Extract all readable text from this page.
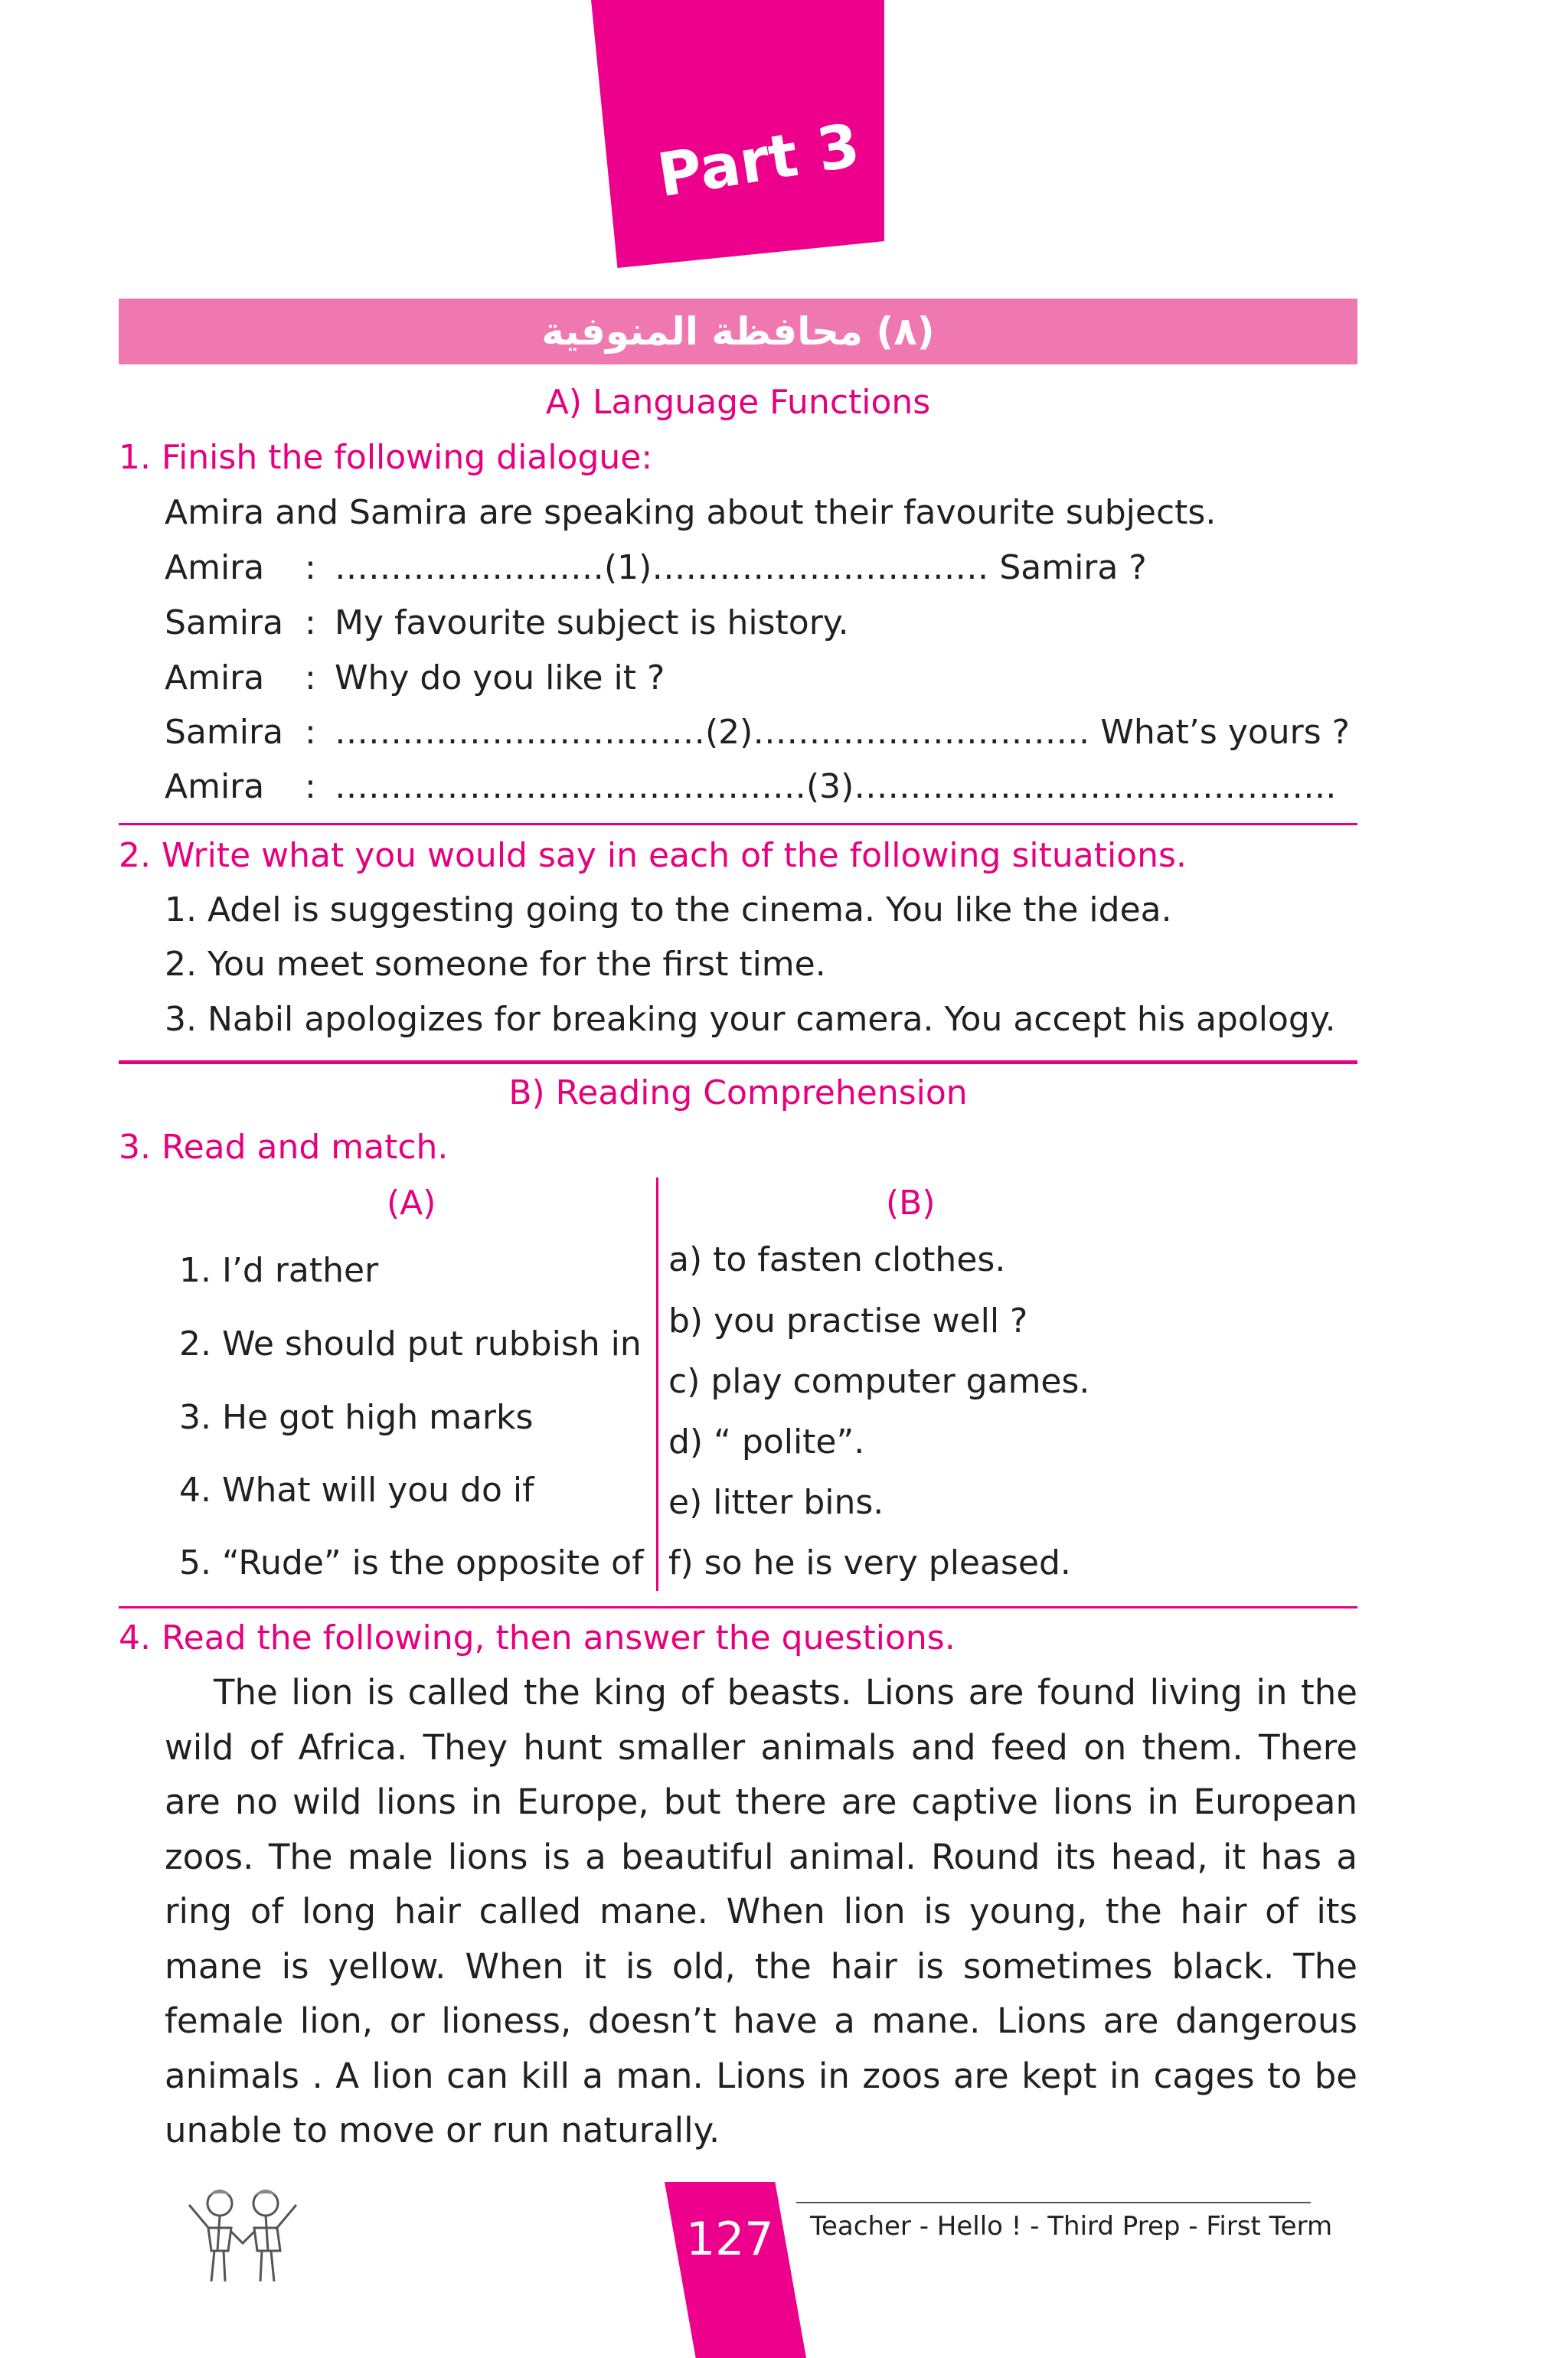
Part 3
(٨) محافظة المنوفية
A) Language Functions
1. Finish the following dialogue:
Amira and Samira are speaking about their favourite subjects.
Amira : ……………………(1)………………………… Samira ?
Samira : My favourite subject is history.
Amira : Why do you like it ?
Samira : ……………………………(2)………………………… What’s yours ?
Amira : ……………………………………(3)…………………………………….
2. Write what you would say in each of the following situations.
1. Adel is suggesting going to the cinema. You like the idea.
2. You meet someone for the first time.
3. Nabil apologizes for breaking your camera. You accept his apology.
B) Reading Comprehension
3. Read and match.
(A)	(B)
1. I’d rather
2. We should put rubbish in
3. He got high marks
4. What will you do if
5. “Rude” is the opposite of
a) to fasten clothes.
b) you practise well ?
c) play computer games.
d) “ polite”.
e) litter bins.
f) so he is very pleased.
4. Read the following, then answer the questions.

The lion is called the king of beasts. Lions are found living in the wild of Africa. They hunt smaller animals and feed on them. There are no wild lions in Europe, but there are captive lions in European zoos. The male lions is a beautiful animal. Round its head, it has a ring of long hair called mane. When lion is young, the hair of its mane is yellow. When it is old, the hair is sometimes black. The female lion, or lioness, doesn’t have a mane. Lions are dangerous animals . A lion can kill a man. Lions in zoos are kept in cages to be unable to move or run naturally.

127 Teacher - Hello ! - Third Prep - First Term
